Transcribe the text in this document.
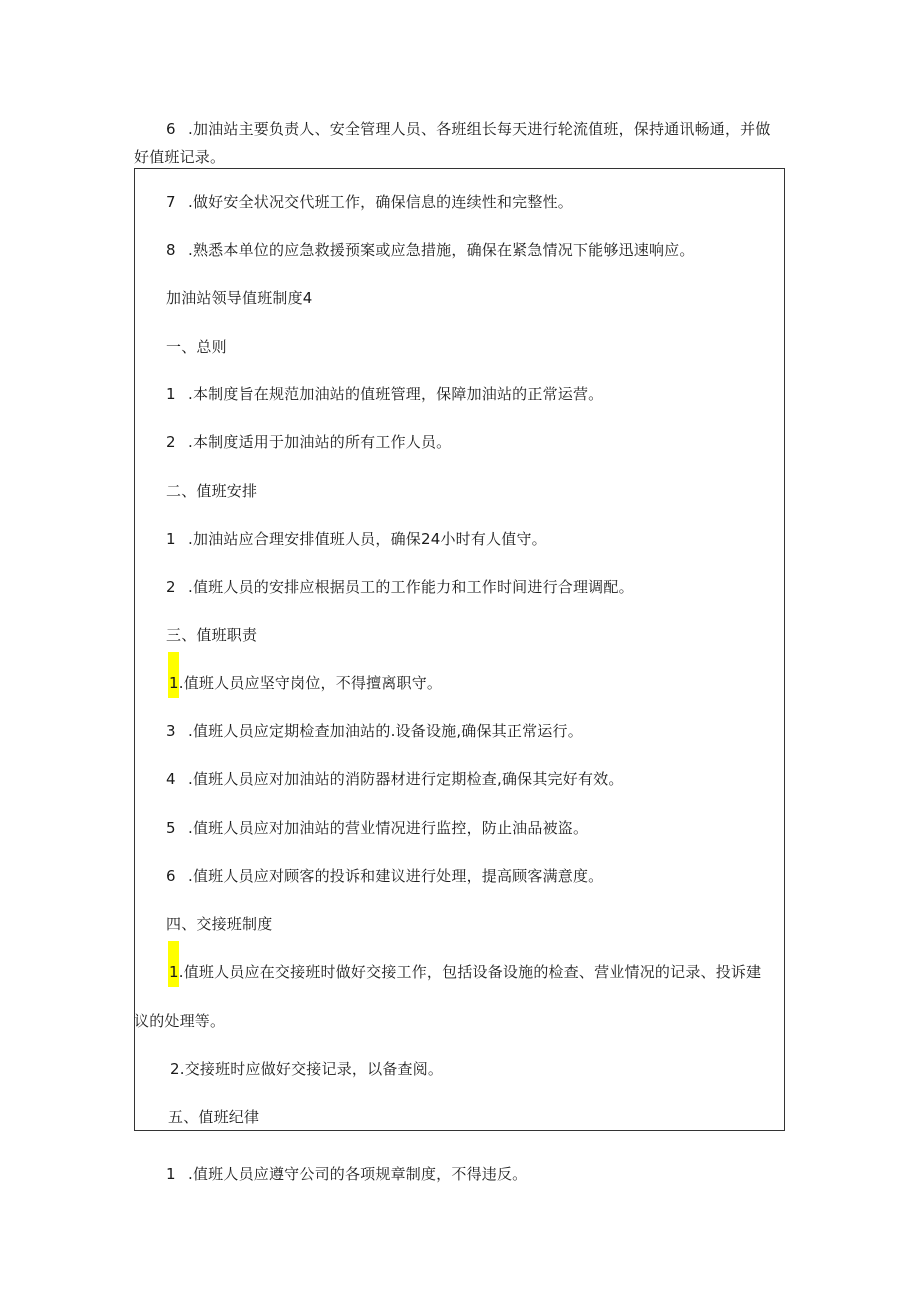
6 .加油站主要负责人、安全管理人员、各班组长每天进行轮流值班，保持通讯畅通，并做
好值班记录。
7 .做好安全状况交代班工作，确保信息的连续性和完整性。
8 .熟悉本单位的应急救援预案或应急措施，确保在紧急情况下能够迅速响应。
加油站领导值班制度4
一、总则
1 .本制度旨在规范加油站的值班管理，保障加油站的正常运营。
2 .本制度适用于加油站的所有工作人员。
二、值班安排
1 .加油站应合理安排值班人员，确保24小时有人值守。
2 .值班人员的安排应根据员工的工作能力和工作时间进行合理调配。
三、值班职责
1.值班人员应坚守岗位，不得擅离职守。
3 .值班人员应定期检查加油站的.设备设施,确保其正常运行。
4 .值班人员应对加油站的消防器材进行定期检查,确保其完好有效。
5 .值班人员应对加油站的营业情况进行监控，防止油品被盗。
6 .值班人员应对顾客的投诉和建议进行处理，提高顾客满意度。
四、交接班制度
1.值班人员应在交接班时做好交接工作，包括设备设施的检查、营业情况的记录、投诉建
议的处理等。
2.交接班时应做好交接记录，以备查阅。
五、值班纪律
1 .值班人员应遵守公司的各项规章制度，不得违反。
